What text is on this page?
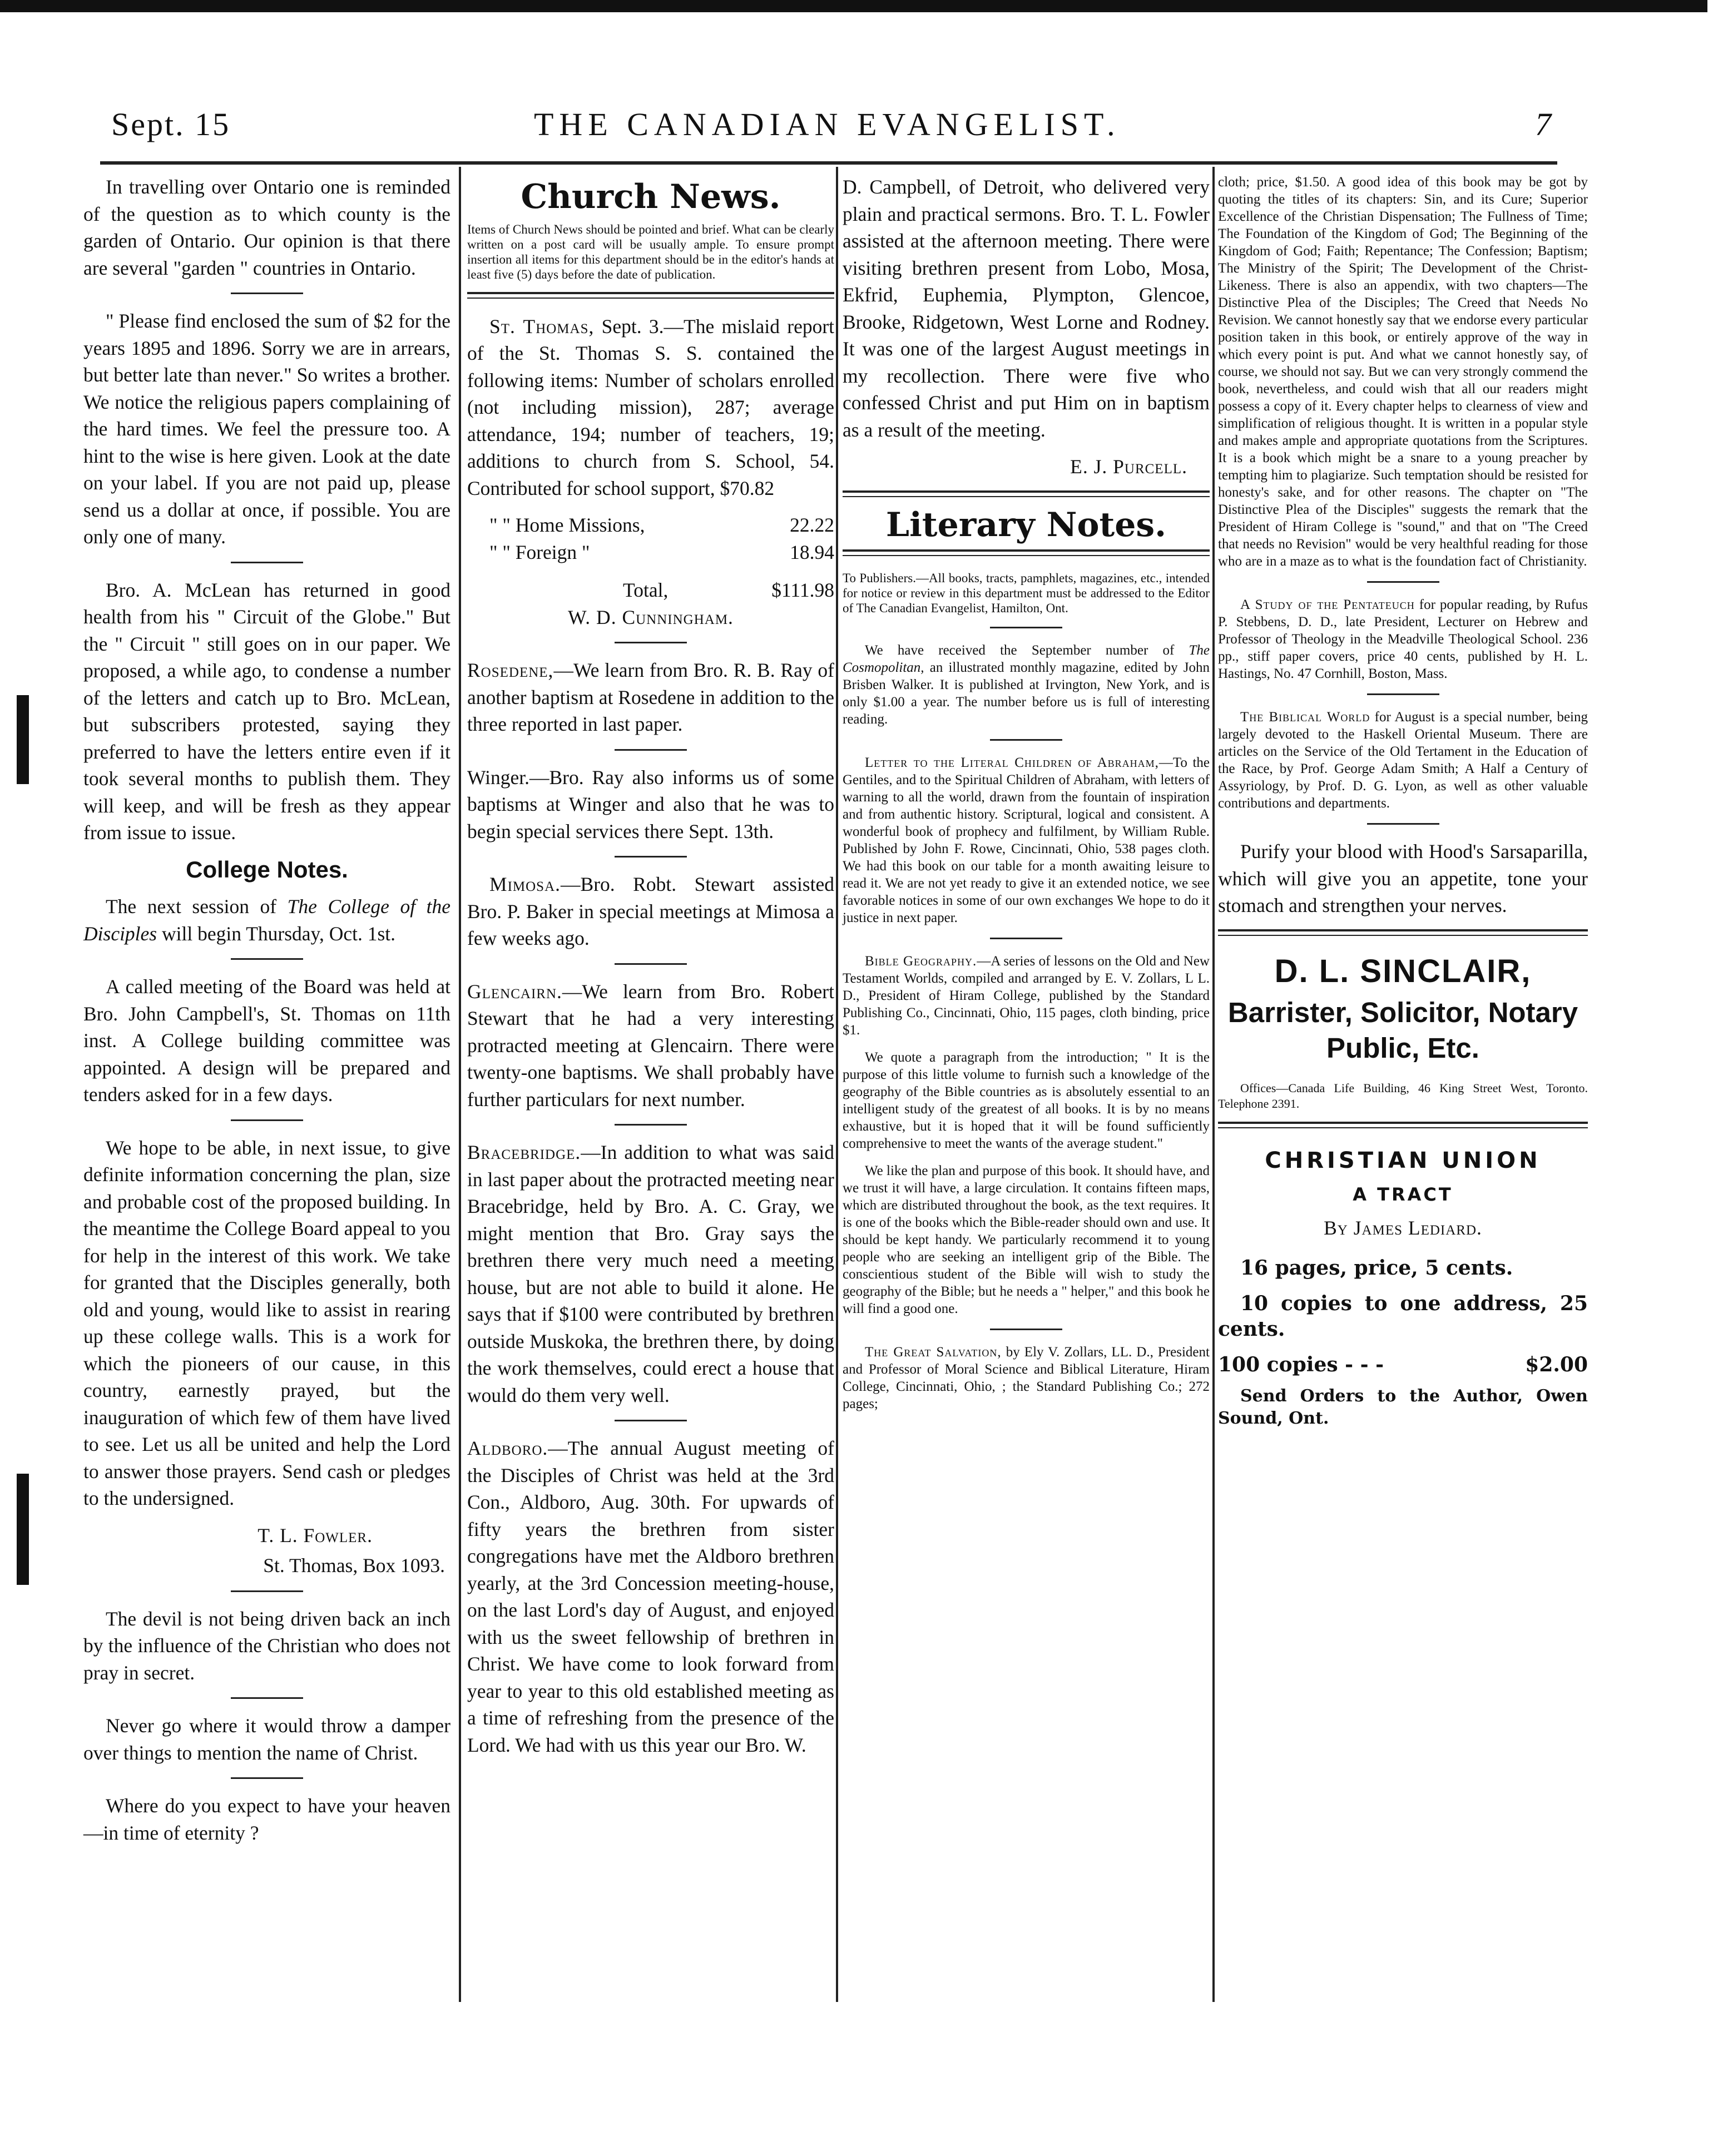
Sept. 15	THE CANADIAN EVANGELIST.	7

In travelling over Ontario one is reminded of the question as to which county is the garden of Ontario. Our opinion is that there are several "garden " countries in Ontario.

" Please find enclosed the sum of $2 for the years 1895 and 1896. Sorry we are in arrears, but better late than never." So writes a brother. We notice the religious papers complaining of the hard times. We feel the pressure too. A hint to the wise is here given. Look at the date on your label. If you are not paid up, please send us a dollar at once, if possible. You are only one of many.

Bro. A. McLean has returned in good health from his " Circuit of the Globe." But the " Circuit " still goes on in our paper. We proposed, a while ago, to condense a number of the letters and catch up to Bro. McLean, but subscribers protested, saying they preferred to have the letters entire even if it took several months to publish them. They will keep, and will be fresh as they appear from issue to issue.

College Notes.

The next session of The College of the Disciples will begin Thursday, Oct. 1st.

A called meeting of the Board was held at Bro. John Campbell's, St. Thomas on 11th inst. A College building committee was appointed. A design will be prepared and tenders asked for in a few days.

We hope to be able, in next issue, to give definite information concerning the plan, size and probable cost of the proposed building. In the meantime the College Board appeal to you for help in the interest of this work. We take for granted that the Disciples generally, both old and young, would like to assist in rearing up these college walls. This is a work for which the pioneers of our cause, in this country, earnestly prayed, but the inauguration of which few of them have lived to see. Let us all be united and help the Lord to answer those prayers. Send cash or pledges to the undersigned.

T. L. Fowler.
St. Thomas, Box 1093.

The devil is not being driven back an inch by the influence of the Christian who does not pray in secret.

Never go where it would throw a damper over things to mention the name of Christ.

Where do you expect to have your heaven—in time of eternity ?

Church News.

Items of Church News should be pointed and brief. What can be clearly written on a post card will be usually ample. To ensure prompt insertion all items for this department should be in the editor's hands at least five (5) days before the date of publication.

St. Thomas, Sept. 3.—The mislaid report of the St. Thomas S. S. contained the following items: Number of scholars enrolled (not including mission), 287; average attendance, 194; number of teachers, 19; additions to church from S. School, 54. Contributed for school support, $70.82

" " Home Missions,	22.22
" " Foreign "	18.94
Total,	$111.98
W. D. Cunningham.

Rosedene,—We learn from Bro. R. B. Ray of another baptism at Rosedene in addition to the three reported in last paper.

Winger.—Bro. Ray also informs us of some baptisms at Winger and also that he was to begin special services there Sept. 13th.

Mimosa.—Bro. Robt. Stewart assisted Bro. P. Baker in special meetings at Mimosa a few weeks ago.

Glencairn.—We learn from Bro. Robert Stewart that he had a very interesting protracted meeting at Glencairn. There were twenty-one baptisms. We shall probably have further particulars for next number.

Bracebridge.—In addition to what was said in last paper about the protracted meeting near Bracebridge, held by Bro. A. C. Gray, we might mention that Bro. Gray says the brethren there very much need a meeting house, but are not able to build it alone. He says that if $100 were contributed by brethren outside Muskoka, the brethren there, by doing the work themselves, could erect a house that would do them very well.

Aldboro.—The annual August meeting of the Disciples of Christ was held at the 3rd Con., Aldboro, Aug. 30th. For upwards of fifty years the brethren from sister congregations have met the Aldboro brethren yearly, at the 3rd Concession meeting-house, on the last Lord's day of August, and enjoyed with us the sweet fellowship of brethren in Christ. We have come to look forward from year to year to this old established meeting as a time of refreshing from the presence of the Lord. We had with us this year our Bro. W.

D. Campbell, of Detroit, who delivered very plain and practical sermons. Bro. T. L. Fowler assisted at the afternoon meeting. There were visiting brethren present from Lobo, Mosa, Ekfrid, Euphemia, Plympton, Glencoe, Brooke, Ridgetown, West Lorne and Rodney. It was one of the largest August meetings in my recollection. There were five who confessed Christ and put Him on in baptism as a result of the meeting.

E. J. Purcell.
Literary Notes.

To Publishers.—All books, tracts, pamphlets, magazines, etc., intended for notice or review in this department must be addressed to the Editor of The Canadian Evangelist, Hamilton, Ont.

We have received the September number of The Cosmopolitan, an illustrated monthly magazine, edited by John Brisben Walker. It is published at Irvington, New York, and is only $1.00 a year. The number before us is full of interesting reading.

Letter to the Literal Children of Abraham,—To the Gentiles, and to the Spiritual Children of Abraham, with letters of warning to all the world, drawn from the fountain of inspiration and from authentic history. Scriptural, logical and consistent. A wonderful book of prophecy and fulfilment, by William Ruble. Published by John F. Rowe, Cincinnati, Ohio, 538 pages cloth. We had this book on our table for a month awaiting leisure to read it. We are not yet ready to give it an extended notice, we see favorable notices in some of our own exchanges We hope to do it justice in next paper.

Bible Geography.—A series of lessons on the Old and New Testament Worlds, compiled and arranged by E. V. Zollars, L L. D., President of Hiram College, published by the Standard Publishing Co., Cincinnati, Ohio, 115 pages, cloth binding, price $1.

We quote a paragraph from the introduction; " It is the purpose of this little volume to furnish such a knowledge of the geography of the Bible countries as is absolutely essential to an intelligent study of the greatest of all books. It is by no means exhaustive, but it is hoped that it will be found sufficiently comprehensive to meet the wants of the average student."

We like the plan and purpose of this book. It should have, and we trust it will have, a large circulation. It contains fifteen maps, which are distributed throughout the book, as the text requires. It is one of the books which the Bible-reader should own and use. It should be kept handy. We particularly recommend it to young people who are seeking an intelligent grip of the Bible. The conscientious student of the Bible will wish to study the geography of the Bible; but he needs a " helper," and this book he will find a good one.

The Great Salvation, by Ely V. Zollars, LL. D., President and Professor of Moral Science and Biblical Literature, Hiram College, Cincinnati, Ohio, ; the Standard Publishing Co.; 272 pages;

cloth; price, $1.50. A good idea of this book may be got by quoting the titles of its chapters: Sin, and its Cure; Superior Excellence of the Christian Dispensation; The Fullness of Time; The Foundation of the Kingdom of God; The Beginning of the Kingdom of God; Faith; Repentance; The Confession; Baptism; The Ministry of the Spirit; The Development of the Christ-Likeness. There is also an appendix, with two chapters—The Distinctive Plea of the Disciples; The Creed that Needs No Revision. We cannot honestly say that we endorse every particular position taken in this book, or entirely approve of the way in which every point is put. And what we cannot honestly say, of course, we should not say. But we can very strongly commend the book, nevertheless, and could wish that all our readers might possess a copy of it. Every chapter helps to clearness of view and simplification of religious thought. It is written in a popular style and makes ample and appropriate quotations from the Scriptures. It is a book which might be a snare to a young preacher by tempting him to plagiarize. Such temptation should be resisted for honesty's sake, and for other reasons. The chapter on "The Distinctive Plea of the Disciples" suggests the remark that the President of Hiram College is "sound," and that on "The Creed that needs no Revision" would be very healthful reading for those who are in a maze as to what is the foundation fact of Christianity.

A Study of the Pentateuch for popular reading, by Rufus P. Stebbens, D. D., late President, Lecturer on Hebrew and Professor of Theology in the Meadville Theological School. 236 pp., stiff paper covers, price 40 cents, published by H. L. Hastings, No. 47 Cornhill, Boston, Mass.

The Biblical World for August is a special number, being largely devoted to the Haskell Oriental Museum. There are articles on the Service of the Old Tertament in the Education of the Race, by Prof. George Adam Smith; A Half a Century of Assyriology, by Prof. D. G. Lyon, as well as other valuable contributions and departments.

Purify your blood with Hood's Sarsaparilla, which will give you an appetite, tone your stomach and strengthen your nerves.

D. L. SINCLAIR,
Barrister, Solicitor, Notary Public, Etc.

Offices—Canada Life Building, 46 King Street West, Toronto. Telephone 2391.

CHRISTIAN UNION
A TRACT
By James Lediard.

16 pages, price, 5 cents.

10 copies to one address, 25 cents.

100 copies - - -	$2.00

Send Orders to the Author, Owen Sound, Ont.
